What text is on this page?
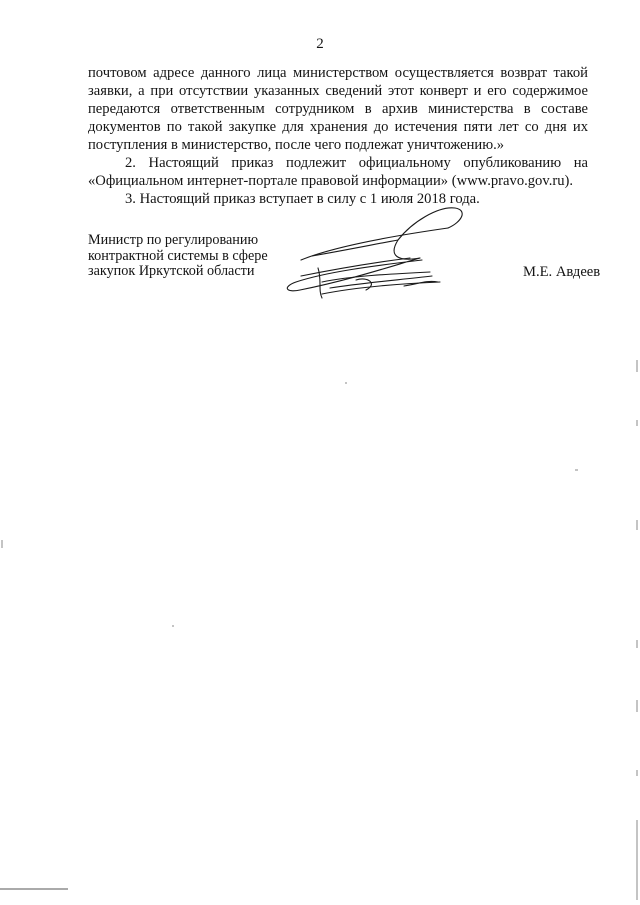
2

почтовом адресе данного лица министерством осуществляется возврат такой заявки, а при отсутствии указанных сведений этот конверт и его содержимое передаются ответственным сотрудником в архив министерства в составе документов по такой закупке для хранения до истечения пяти лет со дня их поступления в министерство, после чего подлежат уничтожению.»

2. Настоящий приказ подлежит официальному опубликованию на «Официальном интернет-портале правовой информации» (www.pravo.gov.ru).

3. Настоящий приказ вступает в силу с 1 июля 2018 года.

Министр по регулированию
контрактной системы в сфере
закупок Иркутской области	М.Е. Авдеев
